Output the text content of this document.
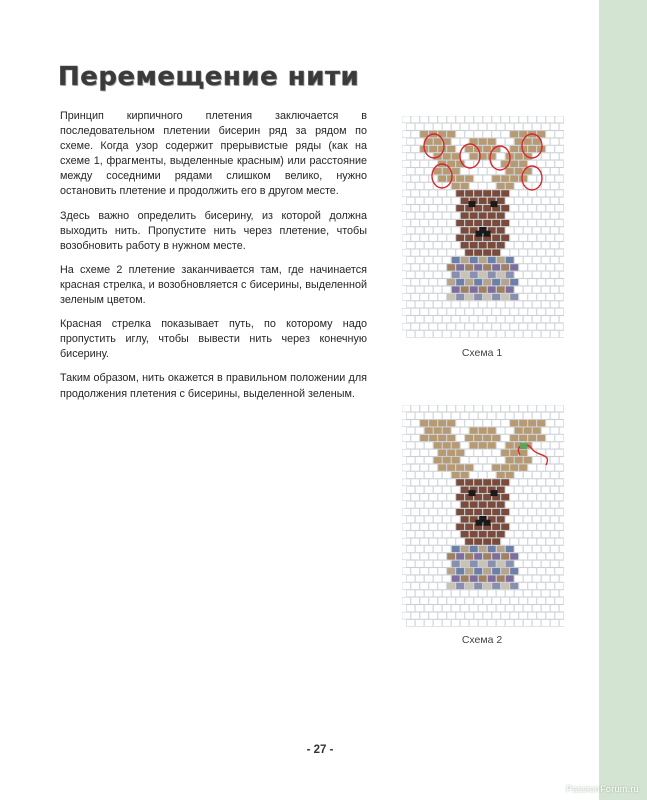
Перемещение нити

Принцип кирпичного плетения заключается в последовательном плетении бисерин ряд за рядом по схеме. Когда узор содержит прерывистые ряды (как на схеме 1, фрагменты, выделенные красным) или расстояние между соседними рядами слишком велико, нужно остановить плетение и продолжить его в другом месте.

Здесь важно определить бисерину, из которой должна выходить нить. Пропустите нить через плетение, чтобы возобновить работу в нужном месте.

На схеме 2 плетение заканчивается там, где начинается красная стрелка, и возобновляется с бисерины, выделенной зеленым цветом.

Красная стрелка показывает путь, по которому надо пропустить иглу, чтобы вывести нить через конечную бисерину.

Таким образом, нить окажется в правильном положении для продолжения плетения с бисерины, выделенной зеленым.

Схема 1
Схема 2
- 27 -
PassionForum.ru
